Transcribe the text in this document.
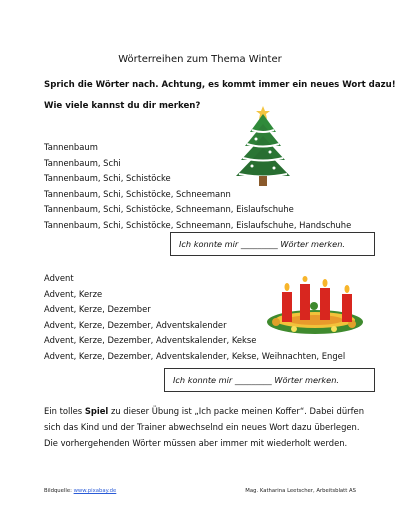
Wörterreihen zum Thema Winter
Sprich die Wörter nach. Achtung, es kommt immer ein neues Wort dazu!
Wie viele kannst du dir merken?
Tannenbaum
Tannenbaum, Schi
Tannenbaum, Schi, Schistöcke
Tannenbaum, Schi, Schistöcke, Schneemann
Tannenbaum, Schi, Schistöcke, Schneemann, Eislaufschuhe
Tannenbaum, Schi, Schistöcke, Schneemann, Eislaufschuhe, Handschuhe
Ich konnte mir _________ Wörter merken.
Advent
Advent, Kerze
Advent, Kerze, Dezember
Advent, Kerze, Dezember, Adventskalender
Advent, Kerze, Dezember, Adventskalender, Kekse
Advent, Kerze, Dezember, Adventskalender, Kekse, Weihnachten, Engel
Ich konnte mir _________ Wörter merken.
Ein tolles Spiel zu dieser Übung ist „Ich packe meinen Koffer“. Dabei dürfen sich das Kind und der Trainer abwechselnd ein neues Wort dazu überlegen. Die vorhergehenden Wörter müssen aber immer mit wiederholt werden.
Bildquelle: www.pixabay.de	Mag. Katharina Leetscher, Arbeitsblatt AS
